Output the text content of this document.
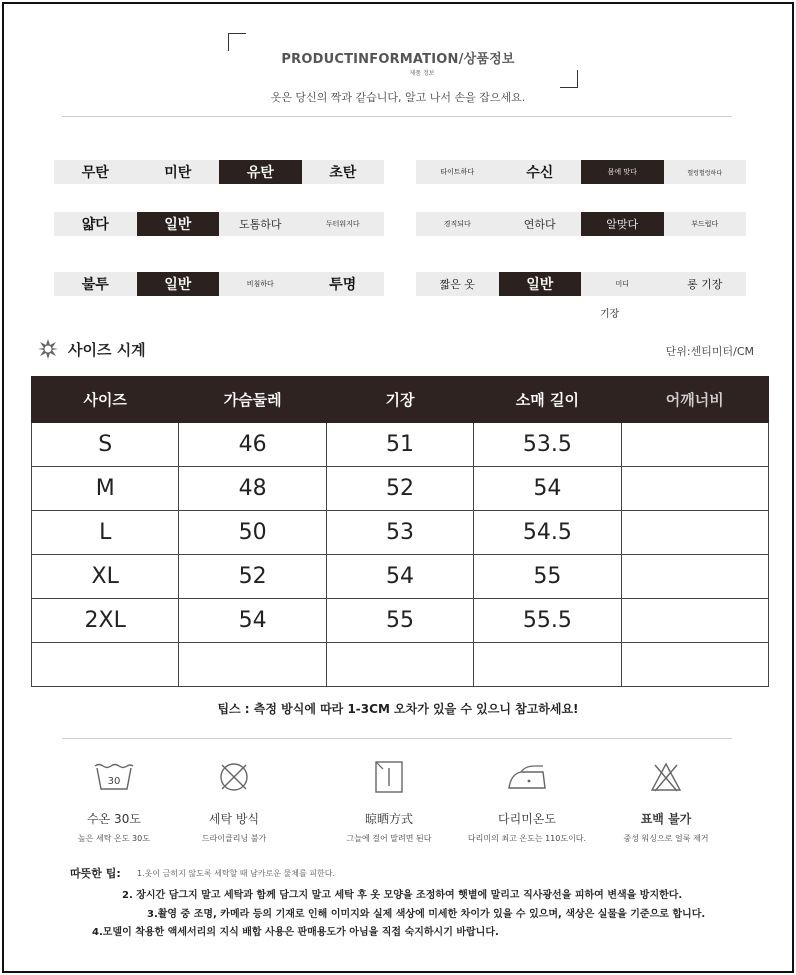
PRODUCTINFORMATION/상품정보
제품 정보
옷은 당신의 짝과 같습니다, 알고 나서 손을 잡으세요.
무탄	미탄	유탄	초탄	타이트하다	수신	몸에 맞다	헐렁헐렁하다
얇다	일반	도톰하다	두터워지다	경직되다	연하다	알맞다	부드럽다
불투	일반	비침하다	투명	짧은 옷	일반	미디	롱 기장
기장
사이즈 시계	단위:센티미터/CM
사이즈	가슴둘레	기장	소매 길이	어깨너비
S	46	51	53.5	
M	48	52	54	
L	50	53	54.5	
XL	52	54	55	
2XL	54	55	55.5	

팁스 : 측정 방식에 따라 1-3CM 오차가 있을 수 있으니 참고하세요!
30
수온 30도
높은 세탁 온도 30도
세탁 방식
드라이클리닝 불가
晾晒方式
그늘에 걸어 말려면 된다
다리미온도
다리미의 최고 온도는 110도이다.
표백 불가
중성 워싱으로 얼룩 제거
따뜻한 팁: 1.옷이 금히지 않도록 세탁할 때 남카로운 물체를 피한다.
2. 장시간 담그지 말고 세탁과 함께 담그지 말고 세탁 후 옷 모양을 조정하여 햇볕에 말리고 직사광선을 피하여 변색을 방지한다.
3.촬영 중 조명, 카메라 등의 기재로 인해 이미지와 실제 색상에 미세한 차이가 있을 수 있으며, 색상은 실물을 기준으로 합니다.
4.모델이 착용한 액세서리의 지식 배합 사용은 판매용도가 아님을 직접 숙지하시기 바랍니다.
